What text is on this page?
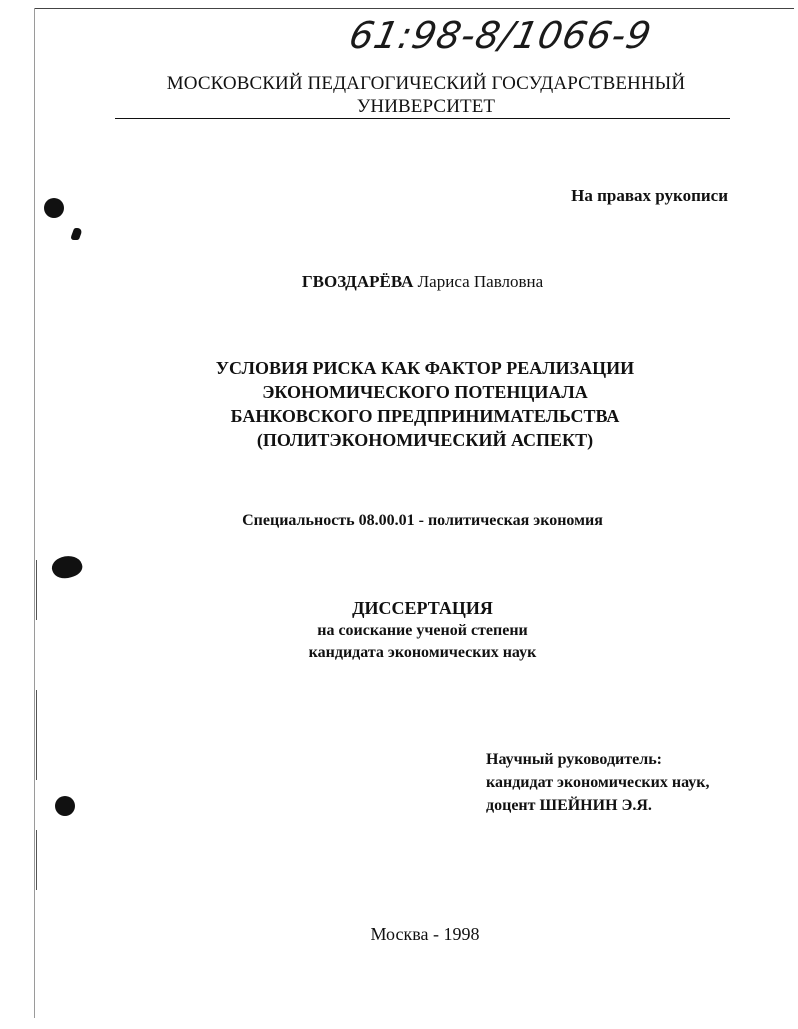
61:98-8/1066-9
МОСКОВСКИЙ ПЕДАГОГИЧЕСКИЙ ГОСУДАРСТВЕННЫЙ
УНИВЕРСИТЕТ
На правах рукописи
ГВОЗДАРЁВА Лариса Павловна
УСЛОВИЯ РИСКА КАК ФАКТОР РЕАЛИЗАЦИИ
ЭКОНОМИЧЕСКОГО ПОТЕНЦИАЛА
БАНКОВСКОГО ПРЕДПРИНИМАТЕЛЬСТВА
(ПОЛИТЭКОНОМИЧЕСКИЙ АСПЕКТ)
Специальность 08.00.01 - политическая экономия
ДИССЕРТАЦИЯ
на соискание ученой степени
кандидата экономических наук
Научный руководитель:
кандидат экономических наук,
доцент ШЕЙНИН Э.Я.
Москва - 1998
